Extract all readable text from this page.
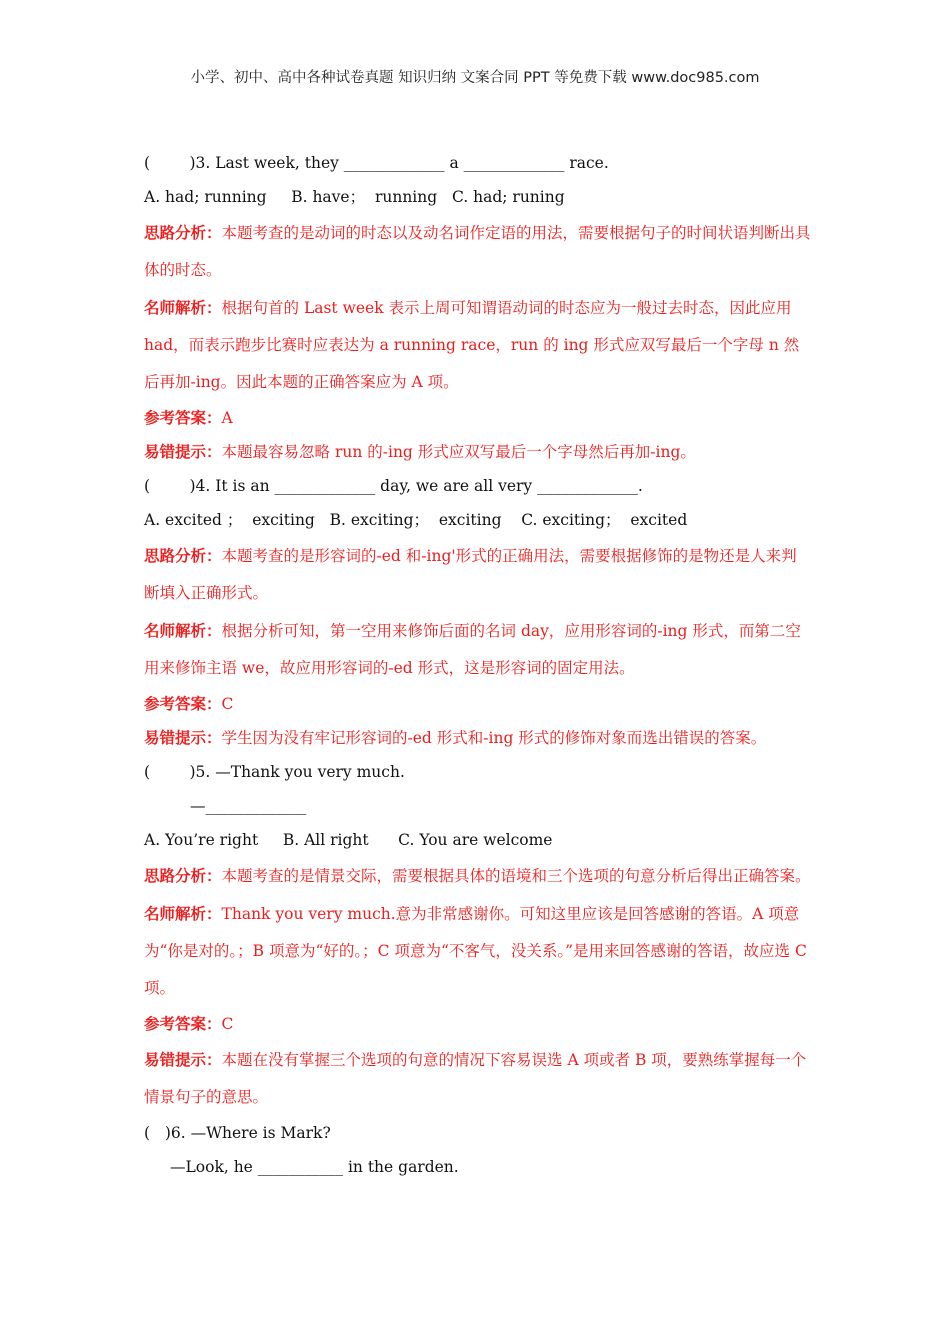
小学、初中、高中各种试卷真题 知识归纳 文案合同 PPT 等免费下载 www.doc985.com
(        )3. Last week, they _____________ a _____________ race.
A. had; running     B. have；  running   C. had; runing
思路分析：本题考查的是动词的时态以及动名词作定语的用法，需要根据句子的时间状语判断出具体的时态。
名师解析：根据句首的 Last week 表示上周可知谓语动词的时态应为一般过去时态，因此应用 had，而表示跑步比赛时应表达为 a running race，run 的 ing 形式应双写最后一个字母 n 然后再加-ing。因此本题的正确答案应为 A 项。
参考答案：A
易错提示：本题最容易忽略 run 的-ing 形式应双写最后一个字母然后再加-ing。
(        )4. It is an _____________ day, we are all very _____________.
A. excited ；  exciting   B. exciting；  exciting    C. exciting；  excited
思路分析：本题考查的是形容词的-ed 和-ing'形式的正确用法，需要根据修饰的是物还是人来判断填入正确形式。
名师解析：根据分析可知，第一空用来修饰后面的名词 day，应用形容词的-ing 形式，而第二空用来修饰主语 we，故应用形容词的-ed 形式，这是形容词的固定用法。
参考答案：C
易错提示：学生因为没有牢记形容词的-ed 形式和-ing 形式的修饰对象而选出错误的答案。
(        )5. —Thank you very much.
—_____________
A. You’re right     B. All right      C. You are welcome
思路分析：本题考查的是情景交际，需要根据具体的语境和三个选项的句意分析后得出正确答案。
名师解析：Thank you very much.意为非常感谢你。可知这里应该是回答感谢的答语。A 项意为“你是对的。；B 项意为“好的。；C 项意为“不客气，没关系。”是用来回答感谢的答语，故应选 C 项。
参考答案：C
易错提示：本题在没有掌握三个选项的句意的情况下容易误选 A 项或者 B 项，要熟练掌握每一个情景句子的意思。
(   )6. —Where is Mark?
—Look, he ___________ in the garden.
